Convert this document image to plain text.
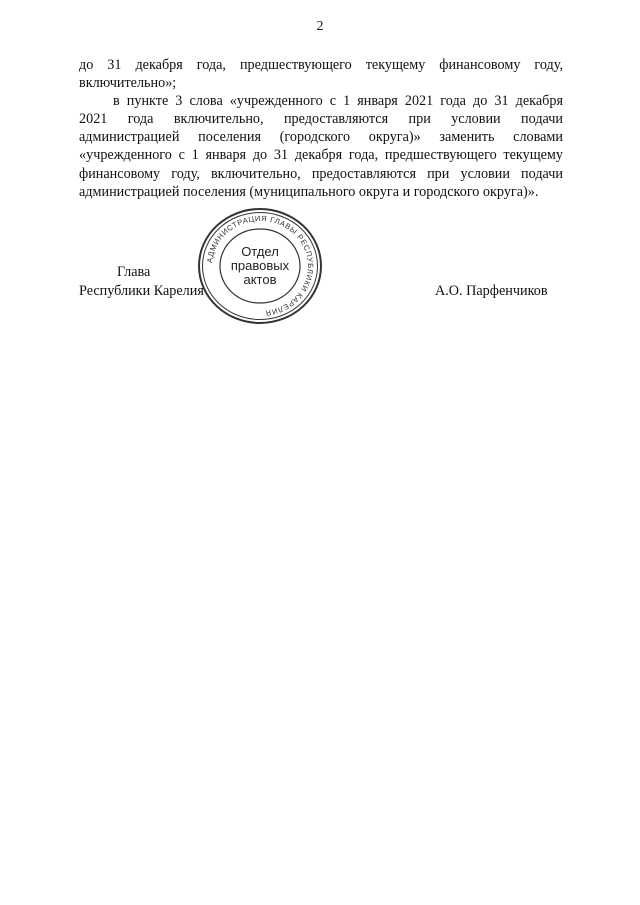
2
до 31 декабря года, предшествующего текущему финансовому году,
включительно»;
в пункте 3 слова «учрежденного с 1 января 2021 года до 31 декабря
2021 года включительно, предоставляются при условии подачи
администрацией поселения (городского округа)» заменить словами
«учрежденного с 1 января до 31 декабря года, предшествующего текущему
финансовому году, включительно, предоставляются при условии подачи
администрацией поселения (муниципального округа и городского округа)».
Глава
Республики Карелия	А.О. Парфенчиков
АДМИНИСТРАЦИЯ ГЛАВЫ РЕСПУБЛИКИ КАРЕЛИЯ
Отдел
правовых
актов
